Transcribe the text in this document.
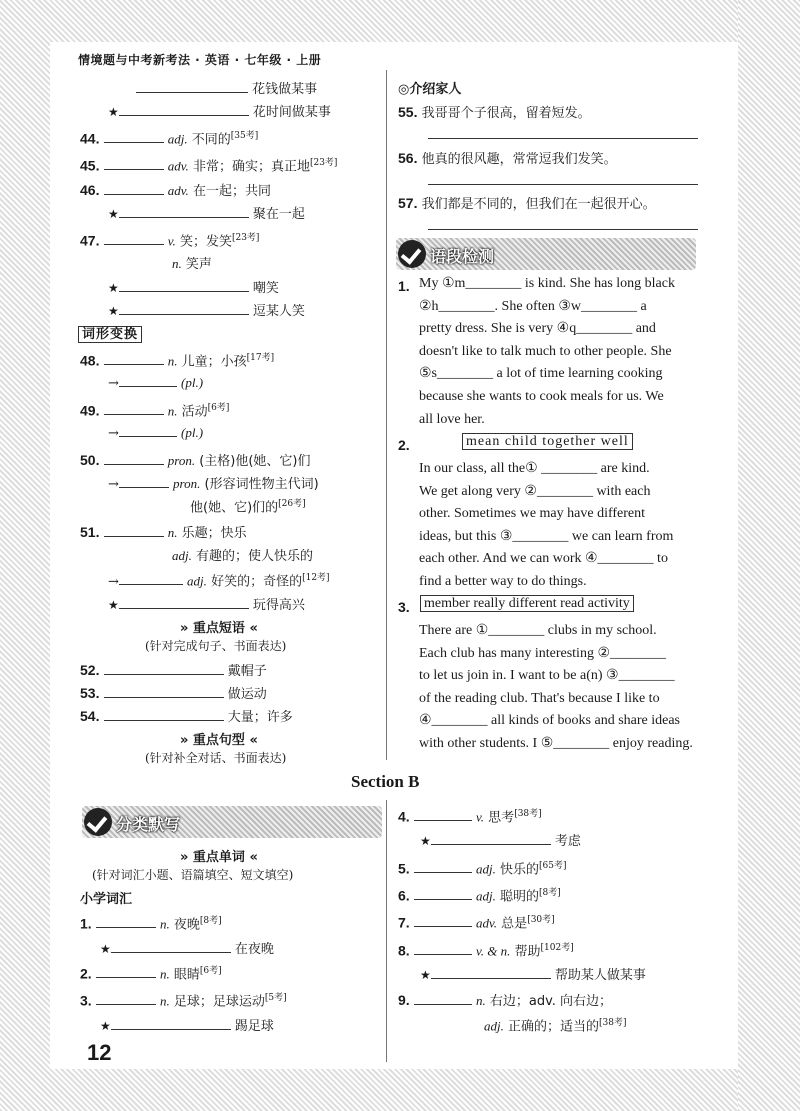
情境题与中考新考法 · 英语 · 七年级 · 上册
花钱做某事
★	花时间做某事
44.	adj. 不同的[35考]
45.	adv. 非常；确实；真正地[23考]
46.	adv. 在一起；共同
★	聚在一起
47.	v. 笑；发笑[23考]
n. 笑声
★	嘲笑
★	逗某人笑
词形变换
48.	n. 儿童；小孩[17考]
→	(pl.)
49.	n. 活动[6考]
→	(pl.)
50.	pron. (主格)他(她、它)们
→	pron. (形容词性物主代词)
他(她、它)们的[26考]
51.	n. 乐趣；快乐
adj. 有趣的；使人快乐的
→	adj. 好笑的；奇怪的[12考]
★	玩得高兴
» 重点短语 «
(针对完成句子、书面表达)
52.	戴帽子
53.	做运动
54.	大量；许多
» 重点句型 «
(针对补全对话、书面表达)
◎介绍家人
55. 我哥哥个子很高，留着短发。
56. 他真的很风趣，常常逗我们发笑。
57. 我们都是不同的，但我们在一起很开心。
语段检测
1. My ①m________ is kind. She has long black
②h________. She often ③w________ a
pretty dress. She is very ④q________ and
doesn't like to talk much to other people. She
⑤s________ a lot of time learning cooking
because she wants to cook meals for us. We
all love her.
2.	mean child together well
In our class, all the① ________ are kind.
We get along very ②________ with each
other. Sometimes we may have different
ideas, but this ③________ we can learn from
each other. And we can work ④________ to
find a better way to do things.
3. member really different read activity
There are ①________ clubs in my school.
Each club has many interesting ②________
to let us join in. I want to be a(n) ③________
of the reading club. That's because I like to
④________ all kinds of books and share ideas
with other students. I ⑤________ enjoy reading.
Section B
分类默写
» 重点单词 «
(针对词汇小题、语篇填空、短文填空)
小学词汇
1.	n. 夜晚[8考]
★	在夜晚
2.	n. 眼睛[6考]
3.	n. 足球；足球运动[5考]
★	踢足球
4.	v. 思考[38考]
★	考虑
5.	adj. 快乐的[65考]
6.	adj. 聪明的[8考]
7.	adv. 总是[30考]
8.	v. & n. 帮助[102考]
★	帮助某人做某事
9.	n. 右边；adv. 向右边；
adj. 正确的；适当的[38考]
12
